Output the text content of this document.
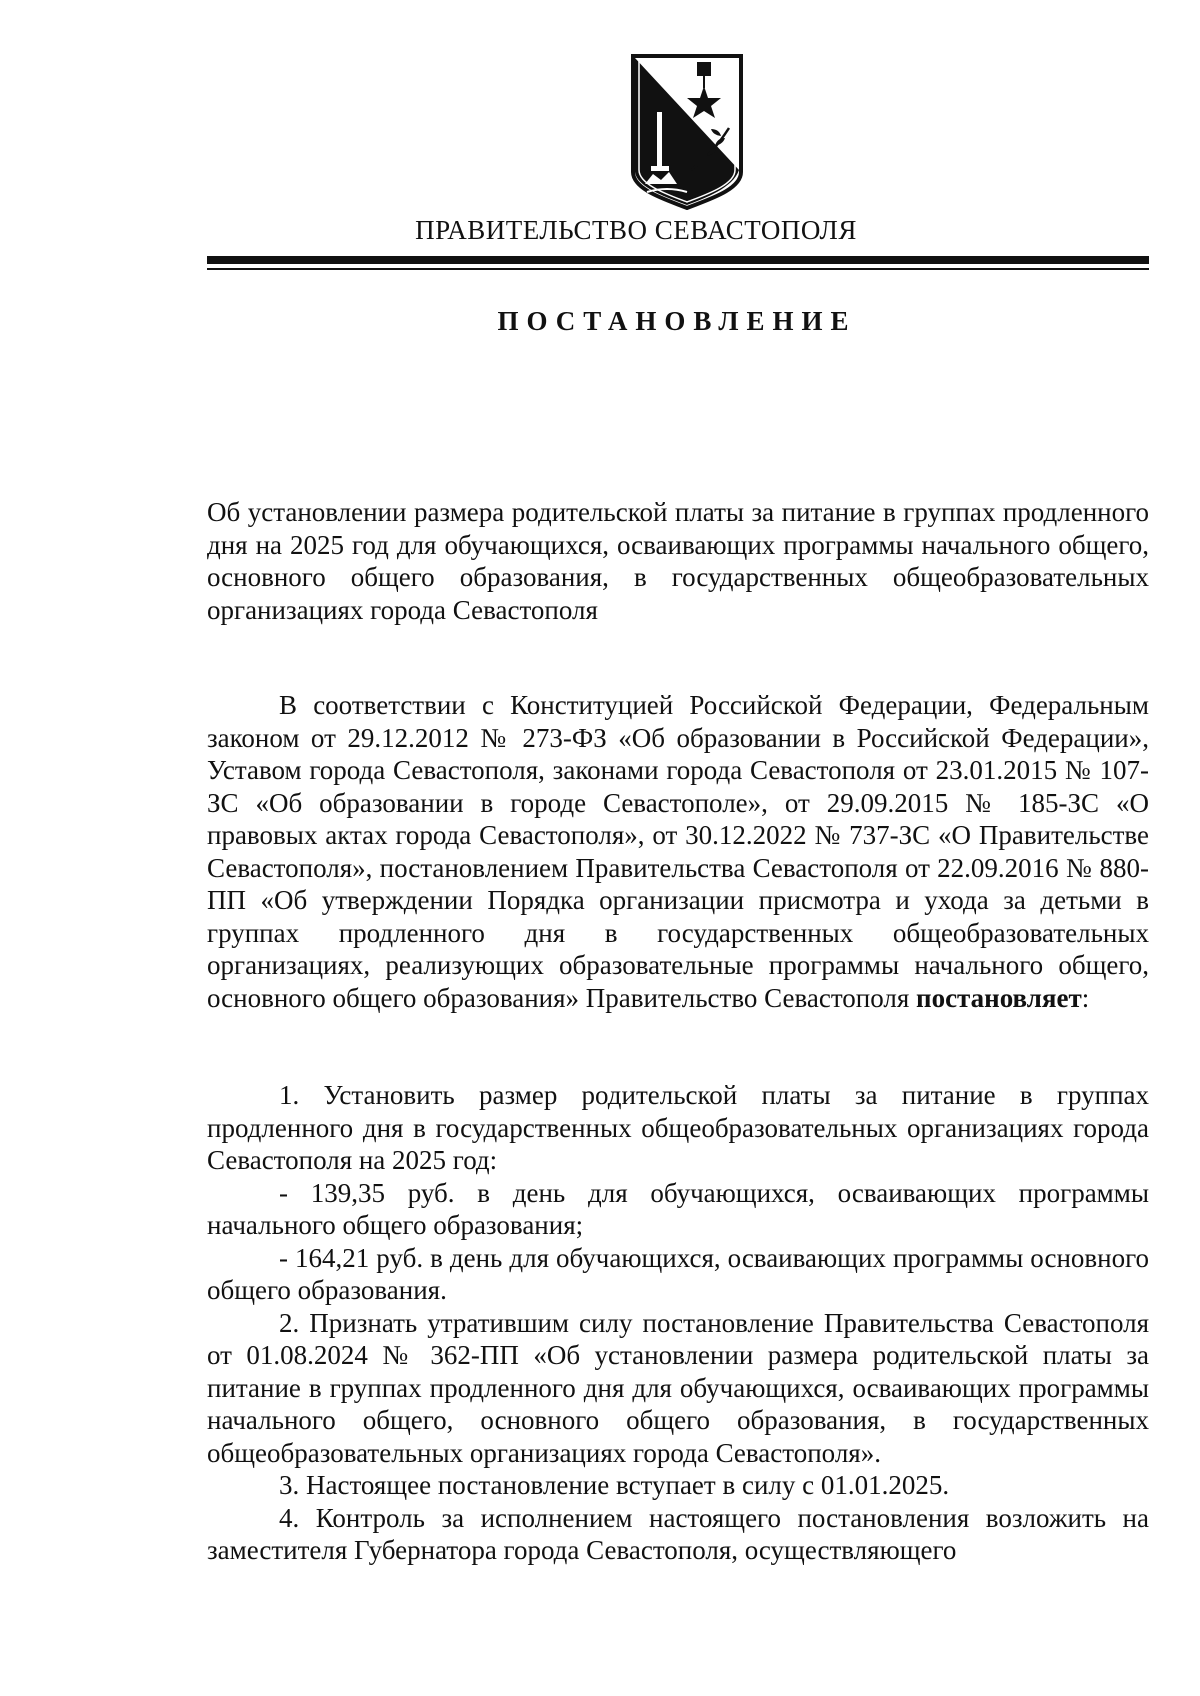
ПРАВИТЕЛЬСТВО СЕВАСТОПОЛЯ
ПОСТАНОВЛЕНИЕ
Об установлении размера родительской платы за питание в группах продленного дня на 2025 год для обучающихся, осваивающих программы начального общего, основного общего образования, в государственных общеобразовательных организациях города Севастополя

В соответствии с Конституцией Российской Федерации, Федеральным законом от 29.12.2012 № 273-ФЗ «Об образовании в Российской Федерации», Уставом города Севастополя, законами города Севастополя от 23.01.2015 № 107-ЗС «Об образовании в городе Севастополе», от 29.09.2015 № 185-ЗС «О правовых актах города Севастополя», от 30.12.2022 № 737-ЗС «О Правительстве Севастополя», постановлением Правительства Севастополя от 22.09.2016 № 880-ПП «Об утверждении Порядка организации присмотра и ухода за детьми в группах продленного дня в государственных общеобразовательных организациях, реализующих образовательные программы начального общего, основного общего образования» Правительство Севастополя постановляет:

1. Установить размер родительской платы за питание в группах продленного дня в государственных общеобразовательных организациях города Севастополя на 2025 год:

- 139,35 руб. в день для обучающихся, осваивающих программы начального общего образования;

- 164,21 руб. в день для обучающихся, осваивающих программы основного общего образования.

2. Признать утратившим силу постановление Правительства Севастополя от 01.08.2024 № 362-ПП «Об установлении размера родительской платы за питание в группах продленного дня для обучающихся, осваивающих программы начального общего, основного общего образования, в государственных общеобразовательных организациях города Севастополя».

3. Настоящее постановление вступает в силу с 01.01.2025.

4. Контроль за исполнением настоящего постановления возложить на заместителя Губернатора города Севастополя, осуществляющего
